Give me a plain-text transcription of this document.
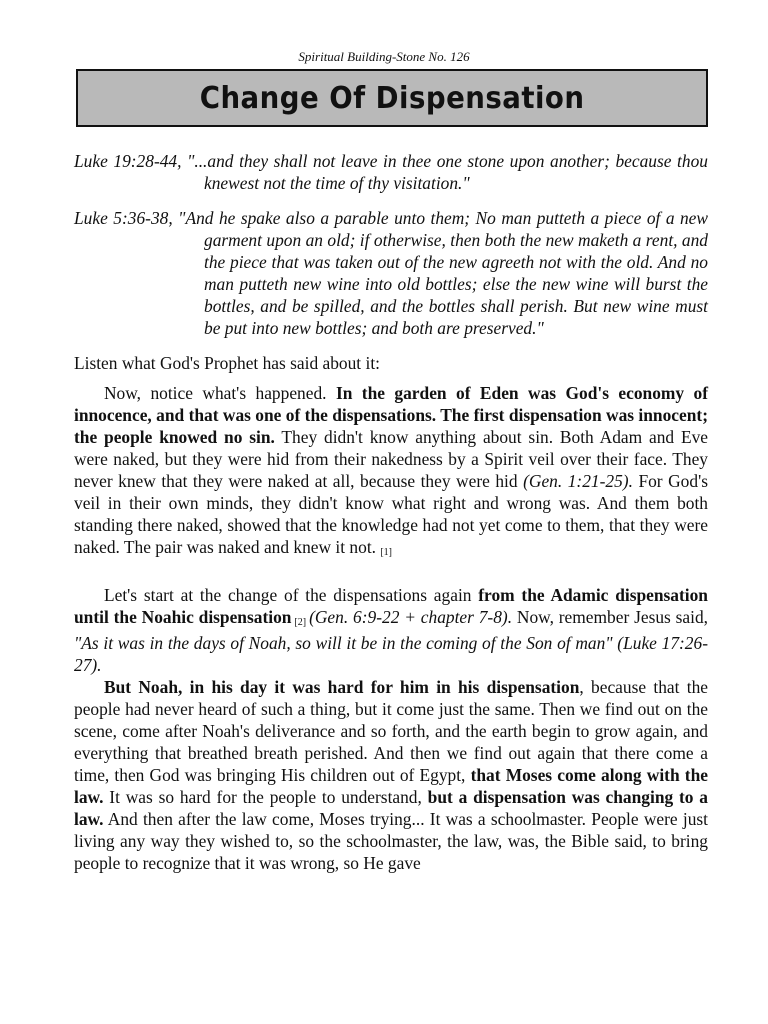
Spiritual Building-Stone No. 126
Change Of Dispensation

Luke 19:28-44, "...and they shall not leave in thee one stone upon another; because thou knewest not the time of thy visitation."

Luke 5:36-38, "And he spake also a parable unto them; No man putteth a piece of a new garment upon an old; if otherwise, then both the new maketh a rent, and the piece that was taken out of the new agreeth not with the old. And no man putteth new wine into old bottles; else the new wine will burst the bottles, and be spilled, and the bottles shall perish. But new wine must be put into new bottles; and both are preserved."

Listen what God's Prophet has said about it:

Now, notice what's happened. In the garden of Eden was God's economy of innocence, and that was one of the dispensations. The first dispensation was innocent; the people knowed no sin. They didn't know anything about sin. Both Adam and Eve were naked, but they were hid from their nakedness by a Spirit veil over their face. They never knew that they were naked at all, because they were hid (Gen. 1:21-25). For God's veil in their own minds, they didn't know what right and wrong was. And them both standing there naked, showed that the knowledge had not yet come to them, that they were naked. The pair was naked and knew it not. $_{[1]}$

Let's start at the change of the dispensations again from the Adamic dispensation until the Noahic dispensation $_{[2]}$ (Gen. 6:9-22 + chapter 7-8). Now, remember Jesus said, "As it was in the days of Noah, so will it be in the coming of the Son of man" (Luke 17:26-27).

But Noah, in his day it was hard for him in his dispensation, because that the people had never heard of such a thing, but it come just the same. Then we find out on the scene, come after Noah's deliverance and so forth, and the earth begin to grow again, and everything that breathed breath perished. And then we find out again that there come a time, then God was bringing His children out of Egypt, that Moses come along with the law. It was so hard for the people to understand, but a dispensation was changing to a law. And then after the law come, Moses trying... It was a schoolmaster. People were just living any way they wished to, so the schoolmaster, the law, was, the Bible said, to bring people to recognize that it was wrong, so He gave
